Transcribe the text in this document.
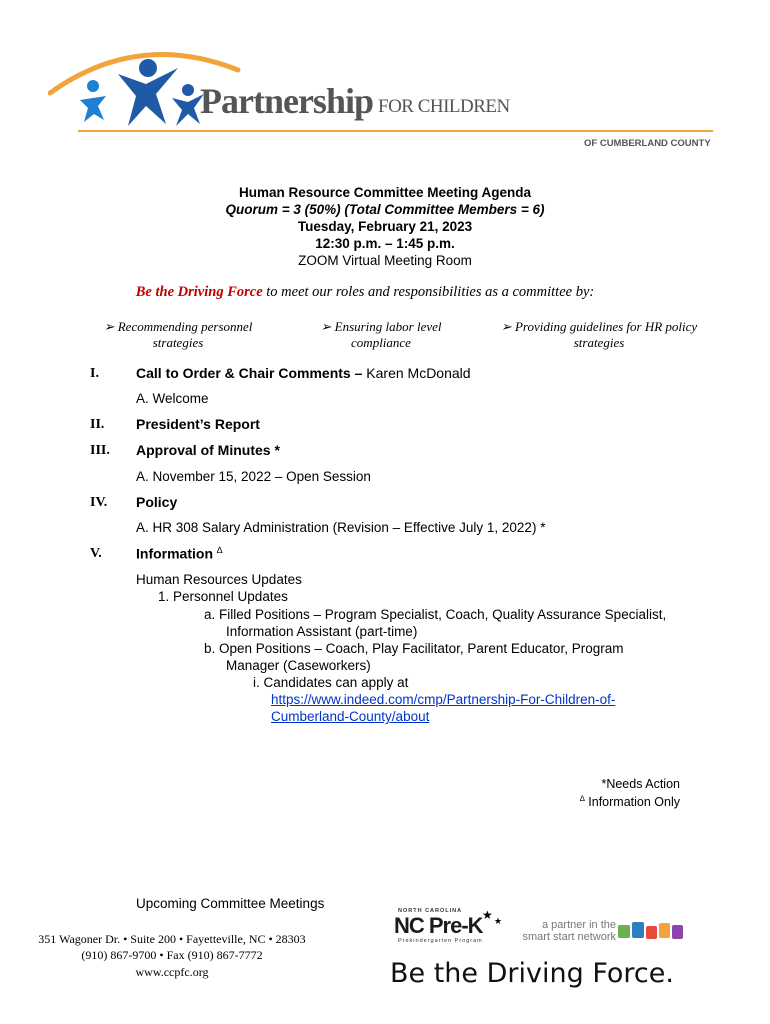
Partnership FOR CHILDREN
OF CUMBERLAND COUNTY
Human Resource Committee Meeting Agenda
Quorum = 3 (50%) (Total Committee Members = 6)
Tuesday, February 21, 2023
12:30 p.m. – 1:45 p.m.
ZOOM Virtual Meeting Room
Be the Driving Force to meet our roles and responsibilities as a committee by:
➢ Recommending personnel
strategies
➢ Ensuring labor level
compliance
➢ Providing guidelines for HR policy
strategies
I.	Call to Order & Chair Comments – Karen McDonald
A. Welcome
II. President’s Report
III. Approval of Minutes *
A. November 15, 2022 – Open Session
IV. Policy
A. HR 308 Salary Administration (Revision – Effective July 1, 2022) *
V. Information ∆
Human Resources Updates
1. Personnel Updates
a. Filled Positions – Program Specialist, Coach, Quality Assurance Specialist,
Information Assistant (part-time)
b. Open Positions – Coach, Play Facilitator, Parent Educator, Program
Manager (Caseworkers)
i. Candidates can apply at
https://www.indeed.com/cmp/Partnership-For-Children-of-
Cumberland-County/about
*Needs Action
∆ Information Only
Upcoming Committee Meetings
351 Wagoner Dr. • Suite 200 • Fayetteville, NC • 28303
(910) 867-9700 • Fax (910) 867-7772
www.ccpfc.org
NORTH CAROLINA
NC Pre-K ★ ★
Prekindergarten Program
a partner in the
smart start network
Be the Driving Force.
